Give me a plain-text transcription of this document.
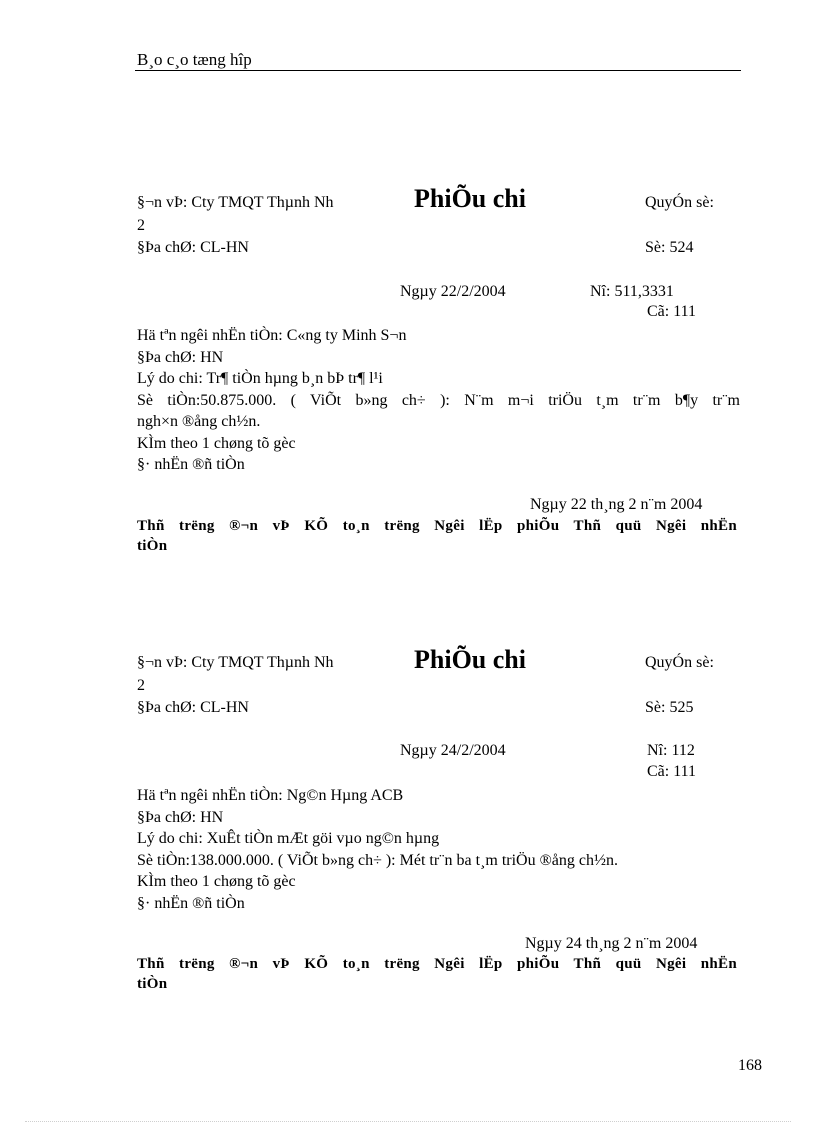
B¸o c¸o tæng hîp
§¬n vÞ: Cty TMQT Thµnh Nh	PhiÕu chi	QuyÓn sè:
2
§Þa chØ: CL-HN	Sè: 524
Ngµy 22/2/2004	Nî: 511,3331
Cã: 111
Hä tªn ngêi nhËn tiÒn: C«ng ty Minh S¬n
§Þa chØ: HN
Lý do chi: Tr¶ tiÒn hµng b¸n bÞ tr¶ l¹i
Sè tiÒn:50.875.000. ( ViÕt b»ng ch÷ ): N¨m m¬i triÖu t¸m tr¨m b¶y tr¨m
ngh×n ®ång ch½n.
KÌm theo 1 chøng tõ gèc
§· nhËn ®ñ tiÒn
Ngµy 22 th¸ng 2 n¨m 2004
Thñ trëng ®¬n vÞ KÕ to¸n trëng Ngêi lËp phiÕu Thñ quü Ngêi nhËn
tiÒn
§¬n vÞ: Cty TMQT Thµnh Nh	PhiÕu chi	QuyÓn sè:
2
§Þa chØ: CL-HN	Sè: 525
Ngµy 24/2/2004	Nî: 112
Cã: 111
Hä tªn ngêi nhËn tiÒn: Ng©n Hµng ACB
§Þa chØ: HN
Lý do chi: XuÊt tiÒn mÆt göi vµo ng©n hµng
Sè tiÒn:138.000.000. ( ViÕt b»ng ch÷ ): Mét tr¨n ba t¸m triÖu ®ång ch½n.
KÌm theo 1 chøng tõ gèc
§· nhËn ®ñ tiÒn
Ngµy 24 th¸ng 2 n¨m 2004
Thñ trëng ®¬n vÞ KÕ to¸n trëng Ngêi lËp phiÕu Thñ quü Ngêi nhËn
tiÒn
168
